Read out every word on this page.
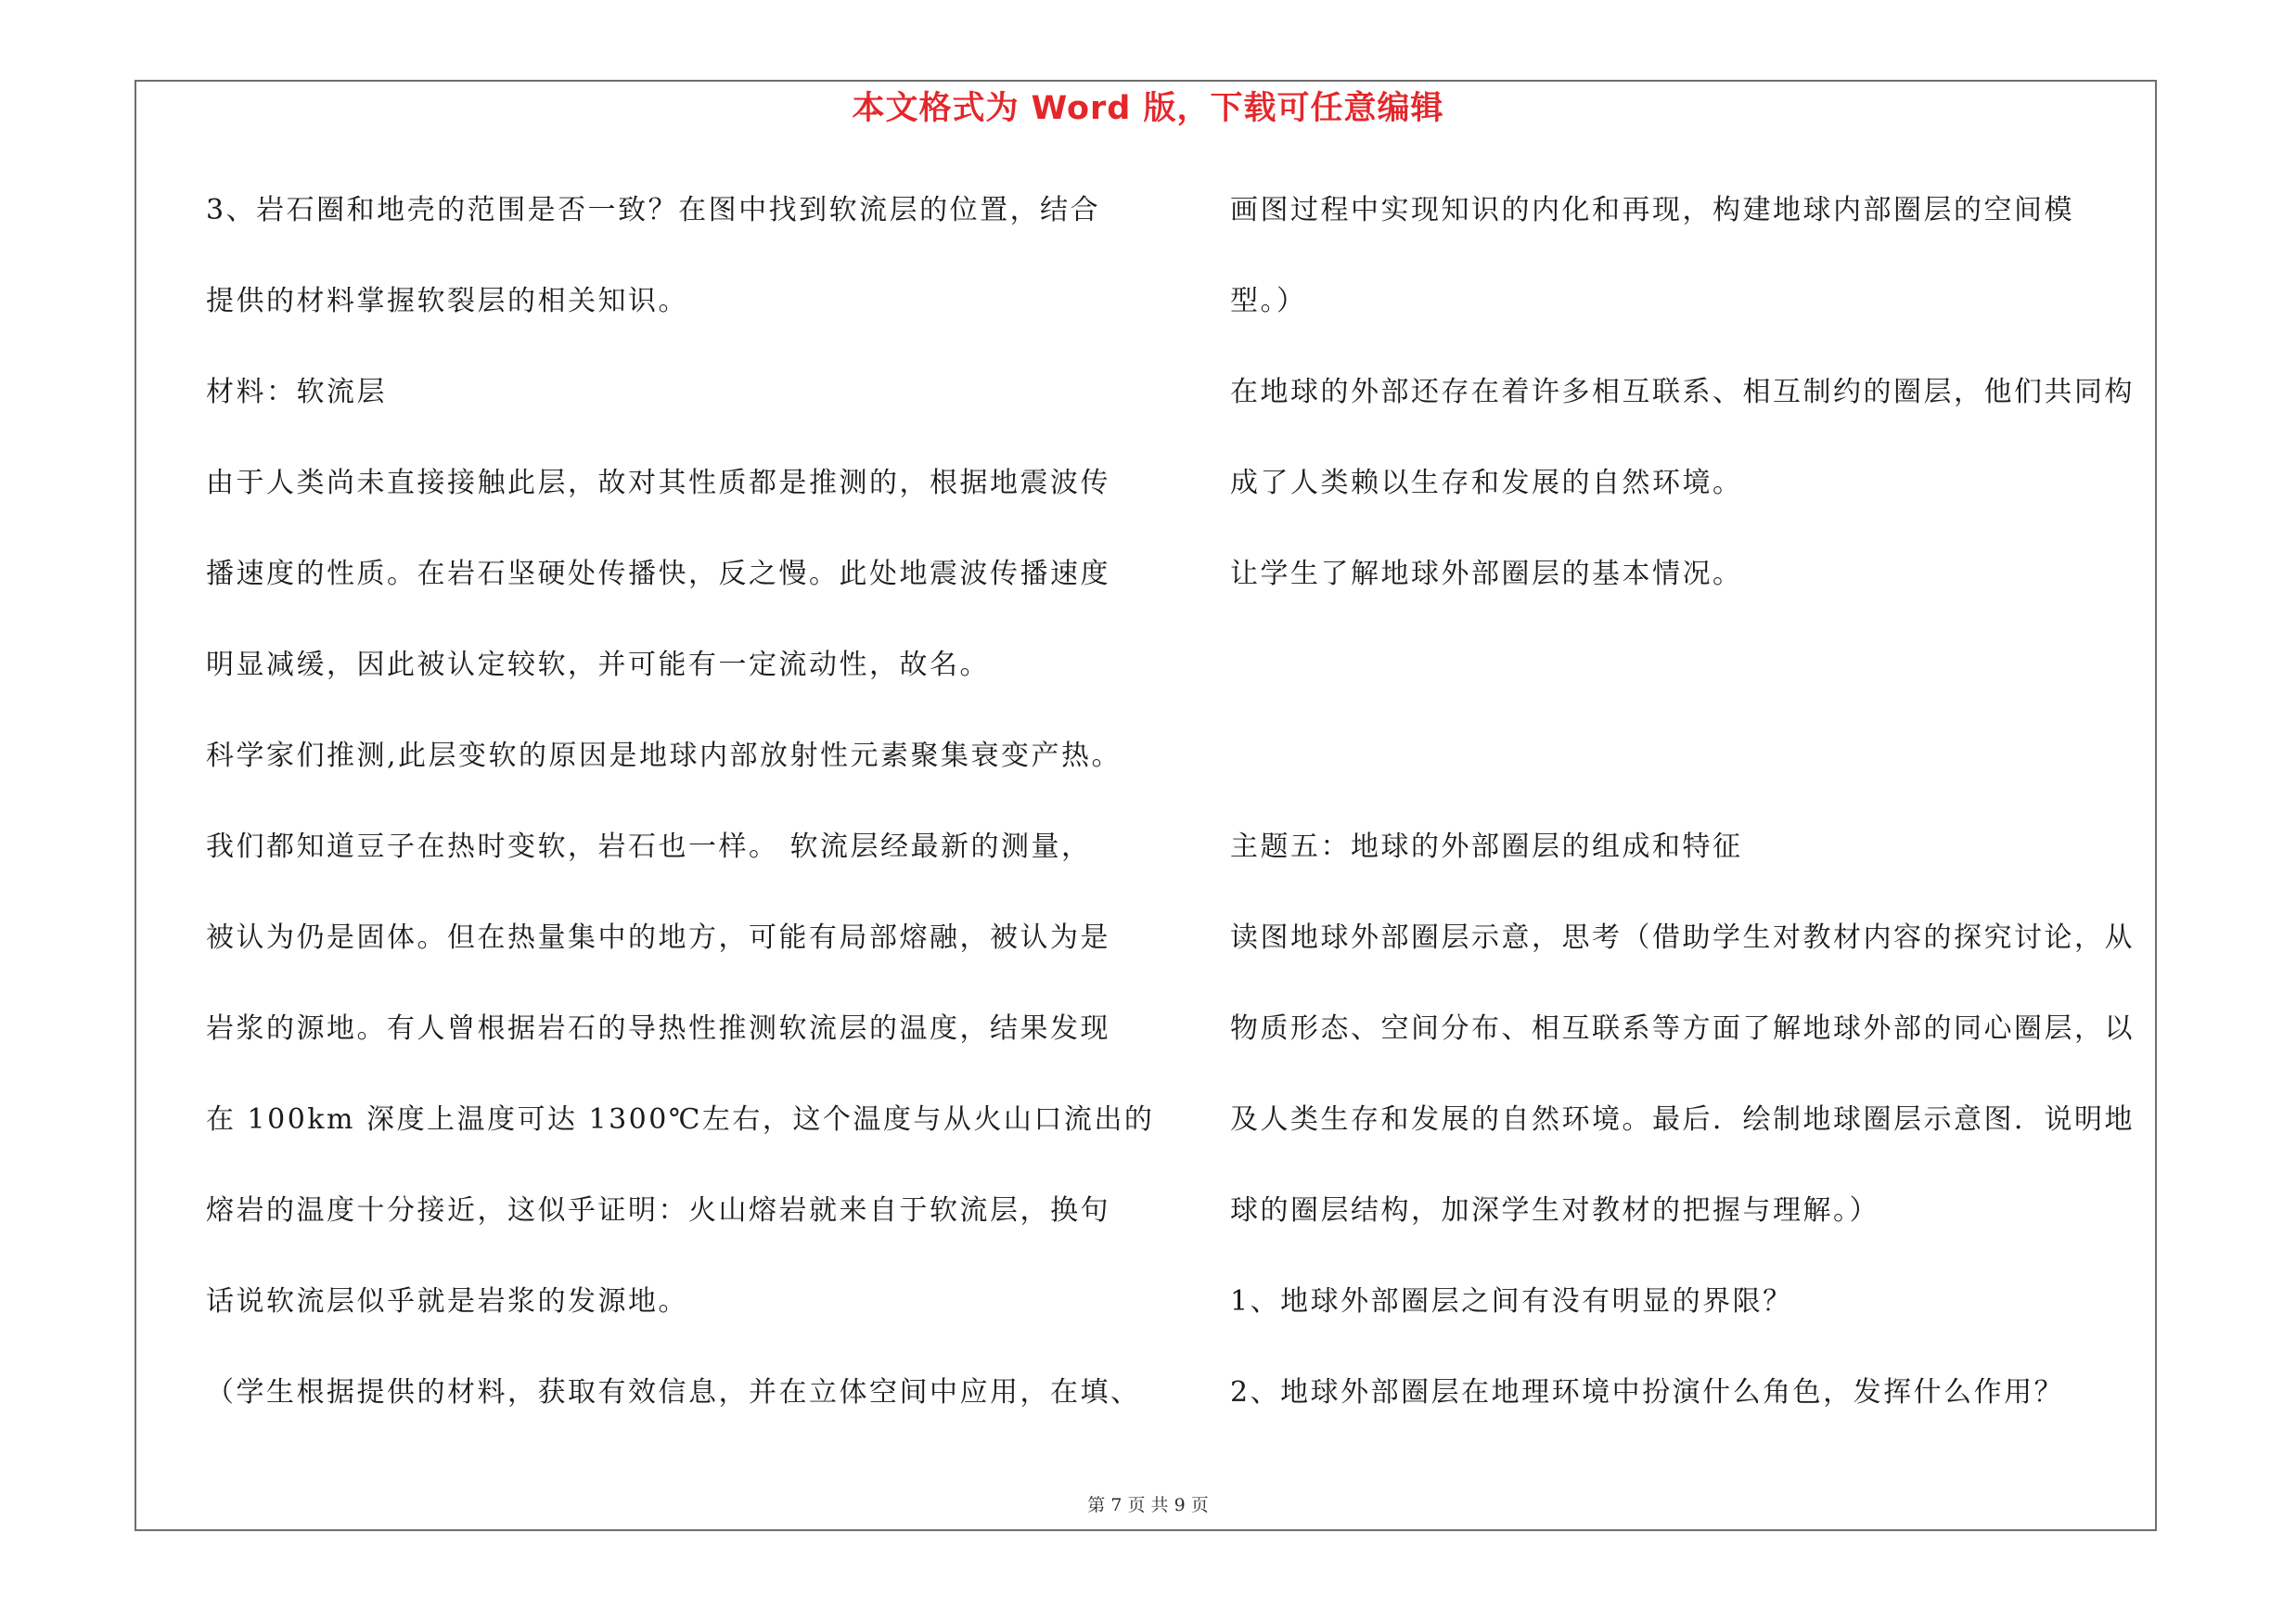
本文格式为 Word 版，下载可任意编辑
3、岩石圈和地壳的范围是否一致？在图中找到软流层的位置，结合
提供的材料掌握软裂层的相关知识。
材料：软流层
由于人类尚未直接接触此层，故对其性质都是推测的，根据地震波传
播速度的性质。在岩石坚硬处传播快，反之慢。此处地震波传播速度
明显减缓，因此被认定较软，并可能有一定流动性，故名。
科学家们推测,此层变软的原因是地球内部放射性元素聚集衰变产热。
我们都知道豆子在热时变软，岩石也一样。 软流层经最新的测量，
被认为仍是固体。但在热量集中的地方，可能有局部熔融，被认为是
岩浆的源地。有人曾根据岩石的导热性推测软流层的温度，结果发现
在 100km 深度上温度可达 1300℃左右，这个温度与从火山口流出的
熔岩的温度十分接近，这似乎证明：火山熔岩就来自于软流层，换句
话说软流层似乎就是岩浆的发源地。
（学生根据提供的材料，获取有效信息，并在立体空间中应用，在填、
画图过程中实现知识的内化和再现，构建地球内部圈层的空间模
型。）
在地球的外部还存在着许多相互联系、相互制约的圈层，他们共同构
成了人类赖以生存和发展的自然环境。
让学生了解地球外部圈层的基本情况。
主题五：地球的外部圈层的组成和特征
读图地球外部圈层示意，思考（借助学生对教材内容的探究讨论，从
物质形态、空间分布、相互联系等方面了解地球外部的同心圈层，以
及人类生存和发展的自然环境。最后．绘制地球圈层示意图．说明地
球的圈层结构，加深学生对教材的把握与理解。）
1、地球外部圈层之间有没有明显的界限？
2、地球外部圈层在地理环境中扮演什么角色，发挥什么作用？
第 7 页 共 9 页
